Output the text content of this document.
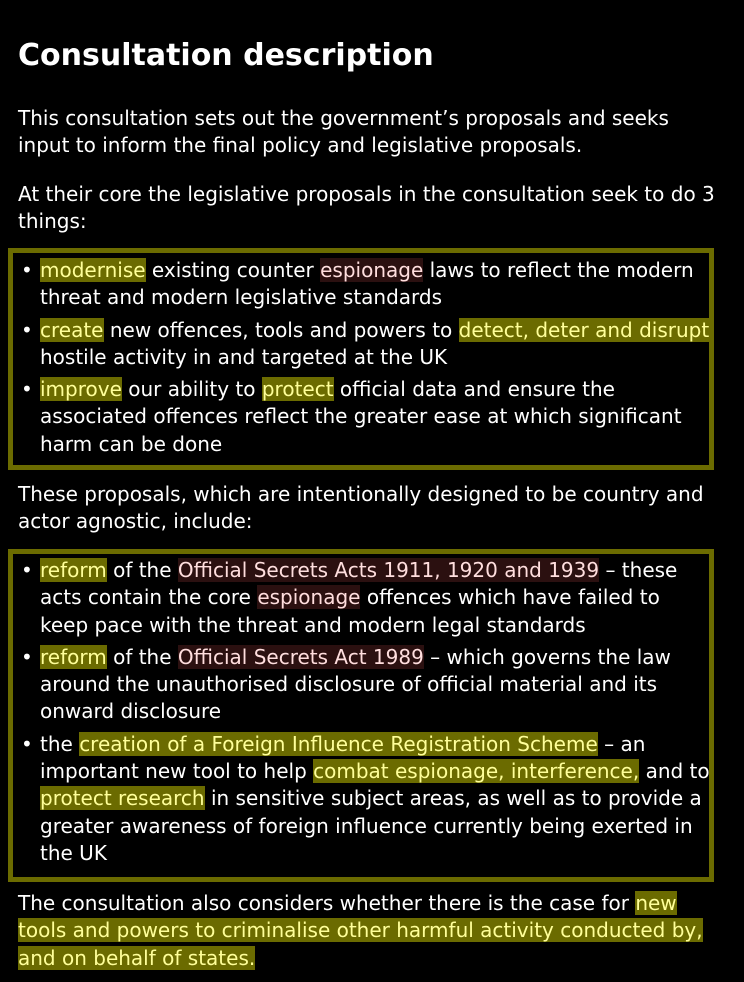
Consultation description

This consultation sets out the government’s proposals and seeks input to inform the final policy and legislative proposals.

At their core the legislative proposals in the consultation seek to do 3 things:

• modernise existing counter espionage laws to reflect the modern threat and modern legislative standards
• create new offences, tools and powers to detect, deter and disrupt hostile activity in and targeted at the UK
• improve our ability to protect official data and ensure the associated offences reflect the greater ease at which significant harm can be done

These proposals, which are intentionally designed to be country and actor agnostic, include:

• reform of the Official Secrets Acts 1911, 1920 and 1939 – these acts contain the core espionage offences which have failed to keep pace with the threat and modern legal standards
• reform of the Official Secrets Act 1989 – which governs the law around the unauthorised disclosure of official material and its onward disclosure
• the creation of a Foreign Influence Registration Scheme – an important new tool to help combat espionage, interference, and to protect research in sensitive subject areas, as well as to provide a greater awareness of foreign influence currently being exerted in the UK

The consultation also considers whether there is the case for new tools and powers to criminalise other harmful activity conducted by, and on behalf of states.
